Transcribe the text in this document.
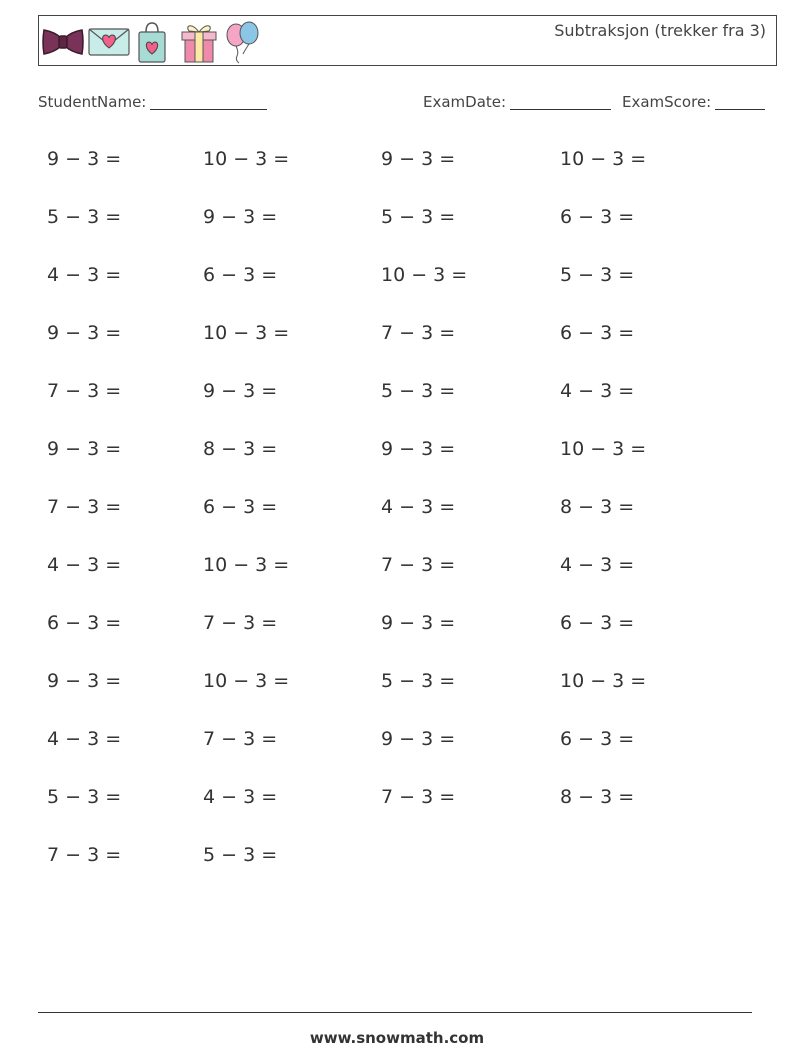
Subtraksjon (trekker fra 3)
StudentName:	ExamDate:	ExamScore:
9 − 3 =	10 − 3 =	9 − 3 =	10 − 3 =
5 − 3 =	9 − 3 =	5 − 3 =	6 − 3 =
4 − 3 =	6 − 3 =	10 − 3 =	5 − 3 =
9 − 3 =	10 − 3 =	7 − 3 =	6 − 3 =
7 − 3 =	9 − 3 =	5 − 3 =	4 − 3 =
9 − 3 =	8 − 3 =	9 − 3 =	10 − 3 =
7 − 3 =	6 − 3 =	4 − 3 =	8 − 3 =
4 − 3 =	10 − 3 =	7 − 3 =	4 − 3 =
6 − 3 =	7 − 3 =	9 − 3 =	6 − 3 =
9 − 3 =	10 − 3 =	5 − 3 =	10 − 3 =
4 − 3 =	7 − 3 =	9 − 3 =	6 − 3 =
5 − 3 =	4 − 3 =	7 − 3 =	8 − 3 =
7 − 3 =	5 − 3 =
www.snowmath.com
